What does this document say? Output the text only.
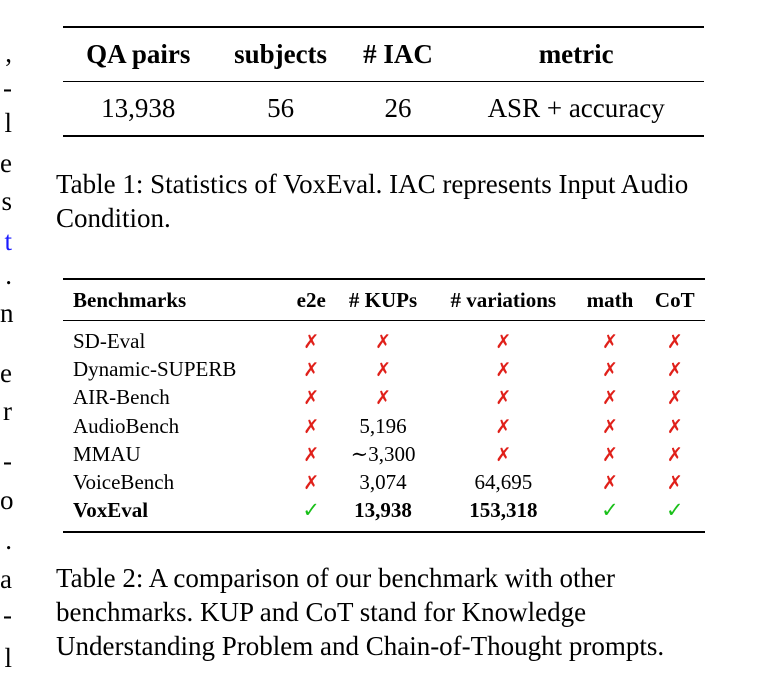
,
-
l
e
s
t
.
n
e
r
-
o
.
a
-
l
QA pairs	subjects	# IAC	metric
13,938	56	26	ASR + accuracy
Table 1: Statistics of VoxEval. IAC represents Input Audio Condition.
Benchmarks	e2e	# KUPs	# variations	math	CoT
SD-Eval	✗	✗	✗	✗	✗
Dynamic-SUPERB	✗	✗	✗	✗	✗
AIR-Bench	✗	✗	✗	✗	✗
AudioBench	✗	5,196	✗	✗	✗
MMAU	✗	∼3,300	✗	✗	✗
VoiceBench	✗	3,074	64,695	✗	✗
VoxEval	✓	13,938	153,318	✓	✓
Table 2: A comparison of our benchmark with other benchmarks. KUP and CoT stand for Knowledge Understanding Problem and Chain-of-Thought prompts.
